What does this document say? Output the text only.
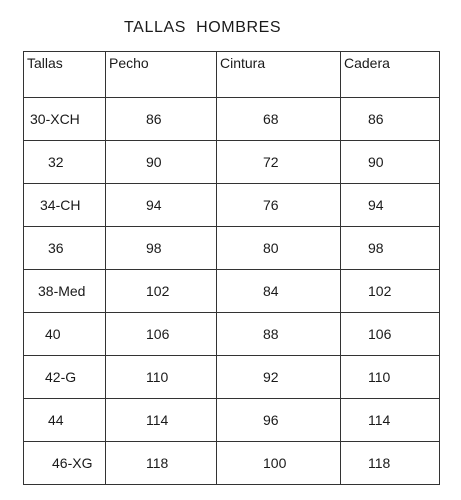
TALLAS  HOMBRES
Tallas	Pecho	Cintura	Cadera
30-XCH	86	68	86
32	90	72	90
34-CH	94	76	94
36	98	80	98
38-Med	102	84	102
40	106	88	106
42-G	110	92	110
44	114	96	114
46-XG	118	100	118
